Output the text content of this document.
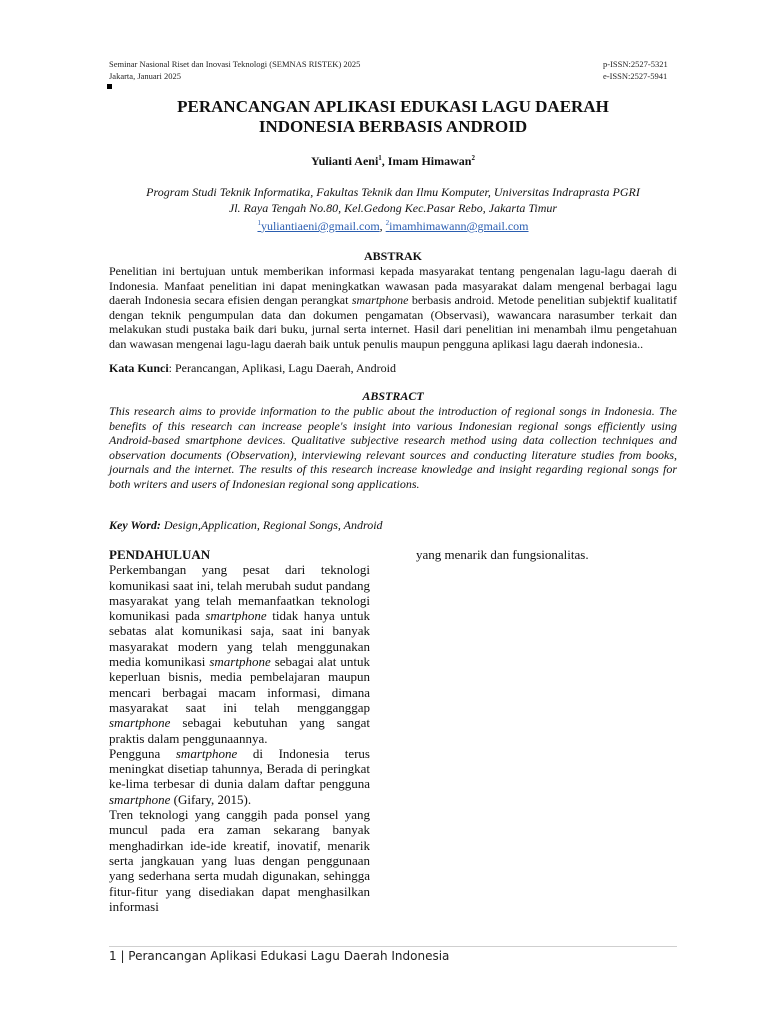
Seminar Nasional Riset dan Inovasi Teknologi (SEMNAS RISTEK) 2025
Jakarta, Januari 2025
p-ISSN:2527-5321
e-ISSN:2527-5941
PERANCANGAN APLIKASI EDUKASI LAGU DAERAH
INDONESIA BERBASIS ANDROID
Yulianti Aeni$^1$, Imam Himawan$^2$
Program Studi Teknik Informatika, Fakultas Teknik dan Ilmu Komputer, Universitas Indraprasta PGRI
Jl. Raya Tengah No.80, Kel.Gedong Kec.Pasar Rebo, Jakarta Timur
$^1$yuliantiaeni@gmail.com, $^2$imamhimawann@gmail.com
ABSTRAK
Penelitian ini bertujuan untuk memberikan informasi kepada masyarakat tentang pengenalan lagu-lagu daerah di Indonesia. Manfaat penelitian ini dapat meningkatkan wawasan pada masyarakat dalam mengenal berbagai lagu daerah Indonesia secara efisien dengan perangkat smartphone berbasis android. Metode penelitian subjektif kualitatif dengan teknik pengumpulan data dan dokumen pengamatan (Observasi), wawancara narasumber terkait dan melakukan studi pustaka baik dari buku, jurnal serta internet. Hasil dari penelitian ini menambah ilmu pengetahuan dan wawasan mengenai lagu-lagu daerah baik untuk penulis maupun pengguna aplikasi lagu daerah indonesia..
Kata Kunci: Perancangan, Aplikasi, Lagu Daerah, Android
ABSTRACT
This research aims to provide information to the public about the introduction of regional songs in Indonesia. The benefits of this research can increase people's insight into various Indonesian regional songs efficiently using Android-based smartphone devices. Qualitative subjective research method using data collection techniques and observation documents (Observation), interviewing relevant sources and conducting literature studies from books, journals and the internet. The results of this research increase knowledge and insight regarding regional songs for both writers and users of Indonesian regional song applications.
Key Word: Design,Application, Regional Songs, Android
PENDAHULUAN
Perkembangan yang pesat dari teknologi komunikasi saat ini, telah merubah sudut pandang masyarakat yang telah memanfaatkan teknologi komunikasi pada smartphone tidak hanya untuk sebatas alat komunikasi saja, saat ini banyak masyarakat modern yang telah menggunakan media komunikasi smartphone sebagai alat untuk keperluan bisnis, media pembelajaran maupun mencari berbagai macam informasi, dimana masyarakat saat ini telah mengganggap smartphone sebagai kebutuhan yang sangat praktis dalam penggunaannya.
Pengguna smartphone di Indonesia terus meningkat disetiap tahunnya, Berada di peringkat ke-lima terbesar di dunia dalam daftar pengguna smartphone (Gifary, 2015).
Tren teknologi yang canggih pada ponsel yang muncul pada era zaman sekarang banyak menghadirkan ide-ide kreatif, inovatif, menarik serta jangkauan yang luas dengan penggunaan yang sederhana serta mudah digunakan, sehingga fitur-fitur yang disediakan dapat menghasilkan informasi
yang menarik dan fungsionalitas.
1 | Perancangan Aplikasi Edukasi Lagu Daerah Indonesia
